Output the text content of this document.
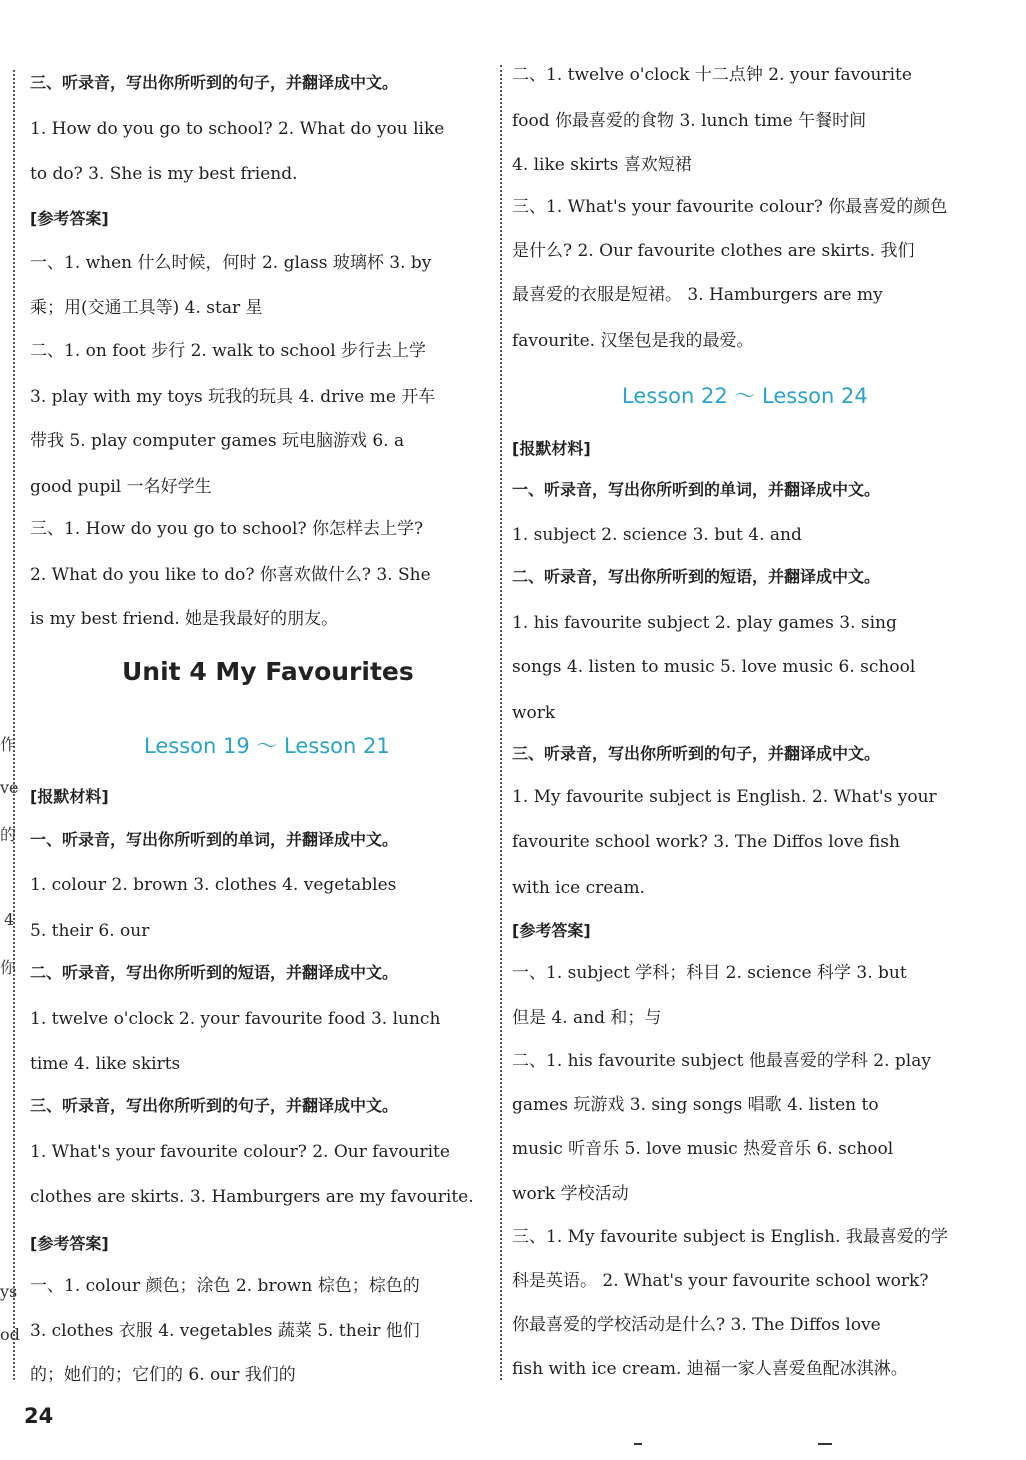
作
ve
的
4
你
ys
od
三、听录音，写出你所听到的句子，并翻译成中文。
1. How do you go to school? 2. What do you like
to do? 3. She is my best friend.
[参考答案]
一、1. when 什么时候，何时 2. glass 玻璃杯 3. by
乘；用(交通工具等) 4. star 星
二、1. on foot 步行 2. walk to school 步行去上学
3. play with my toys 玩我的玩具 4. drive me 开车
带我 5. play computer games 玩电脑游戏 6. a
good pupil 一名好学生
三、1. How do you go to school? 你怎样去上学?
2. What do you like to do? 你喜欢做什么? 3. She
is my best friend. 她是我最好的朋友。
Unit 4 My Favourites
Lesson 19 ～ Lesson 21
[报默材料]
一、听录音，写出你所听到的单词，并翻译成中文。
1. colour 2. brown 3. clothes 4. vegetables
5. their 6. our
二、听录音，写出你所听到的短语，并翻译成中文。
1. twelve o'clock 2. your favourite food 3. lunch
time 4. like skirts
三、听录音，写出你所听到的句子，并翻译成中文。
1. What's your favourite colour? 2. Our favourite
clothes are skirts. 3. Hamburgers are my favourite.
[参考答案]
一、1. colour 颜色；涂色 2. brown 棕色；棕色的
3. clothes 衣服 4. vegetables 蔬菜 5. their 他们
的；她们的；它们的 6. our 我们的
二、1. twelve o'clock 十二点钟 2. your favourite
food 你最喜爱的食物 3. lunch time 午餐时间
4. like skirts 喜欢短裙
三、1. What's your favourite colour? 你最喜爱的颜色
是什么? 2. Our favourite clothes are skirts. 我们
最喜爱的衣服是短裙。 3. Hamburgers are my
favourite. 汉堡包是我的最爱。
Lesson 22 ～ Lesson 24
[报默材料]
一、听录音，写出你所听到的单词，并翻译成中文。
1. subject 2. science 3. but 4. and
二、听录音，写出你所听到的短语，并翻译成中文。
1. his favourite subject 2. play games 3. sing
songs 4. listen to music 5. love music 6. school
work
三、听录音，写出你所听到的句子，并翻译成中文。
1. My favourite subject is English. 2. What's your
favourite school work? 3. The Diffos love fish
with ice cream.
[参考答案]
一、1. subject 学科；科目 2. science 科学 3. but
但是 4. and 和；与
二、1. his favourite subject 他最喜爱的学科 2. play
games 玩游戏 3. sing songs 唱歌 4. listen to
music 听音乐 5. love music 热爱音乐 6. school
work 学校活动
三、1. My favourite subject is English. 我最喜爱的学
科是英语。 2. What's your favourite school work?
你最喜爱的学校活动是什么? 3. The Diffos love
fish with ice cream. 迪福一家人喜爱鱼配冰淇淋。
24
